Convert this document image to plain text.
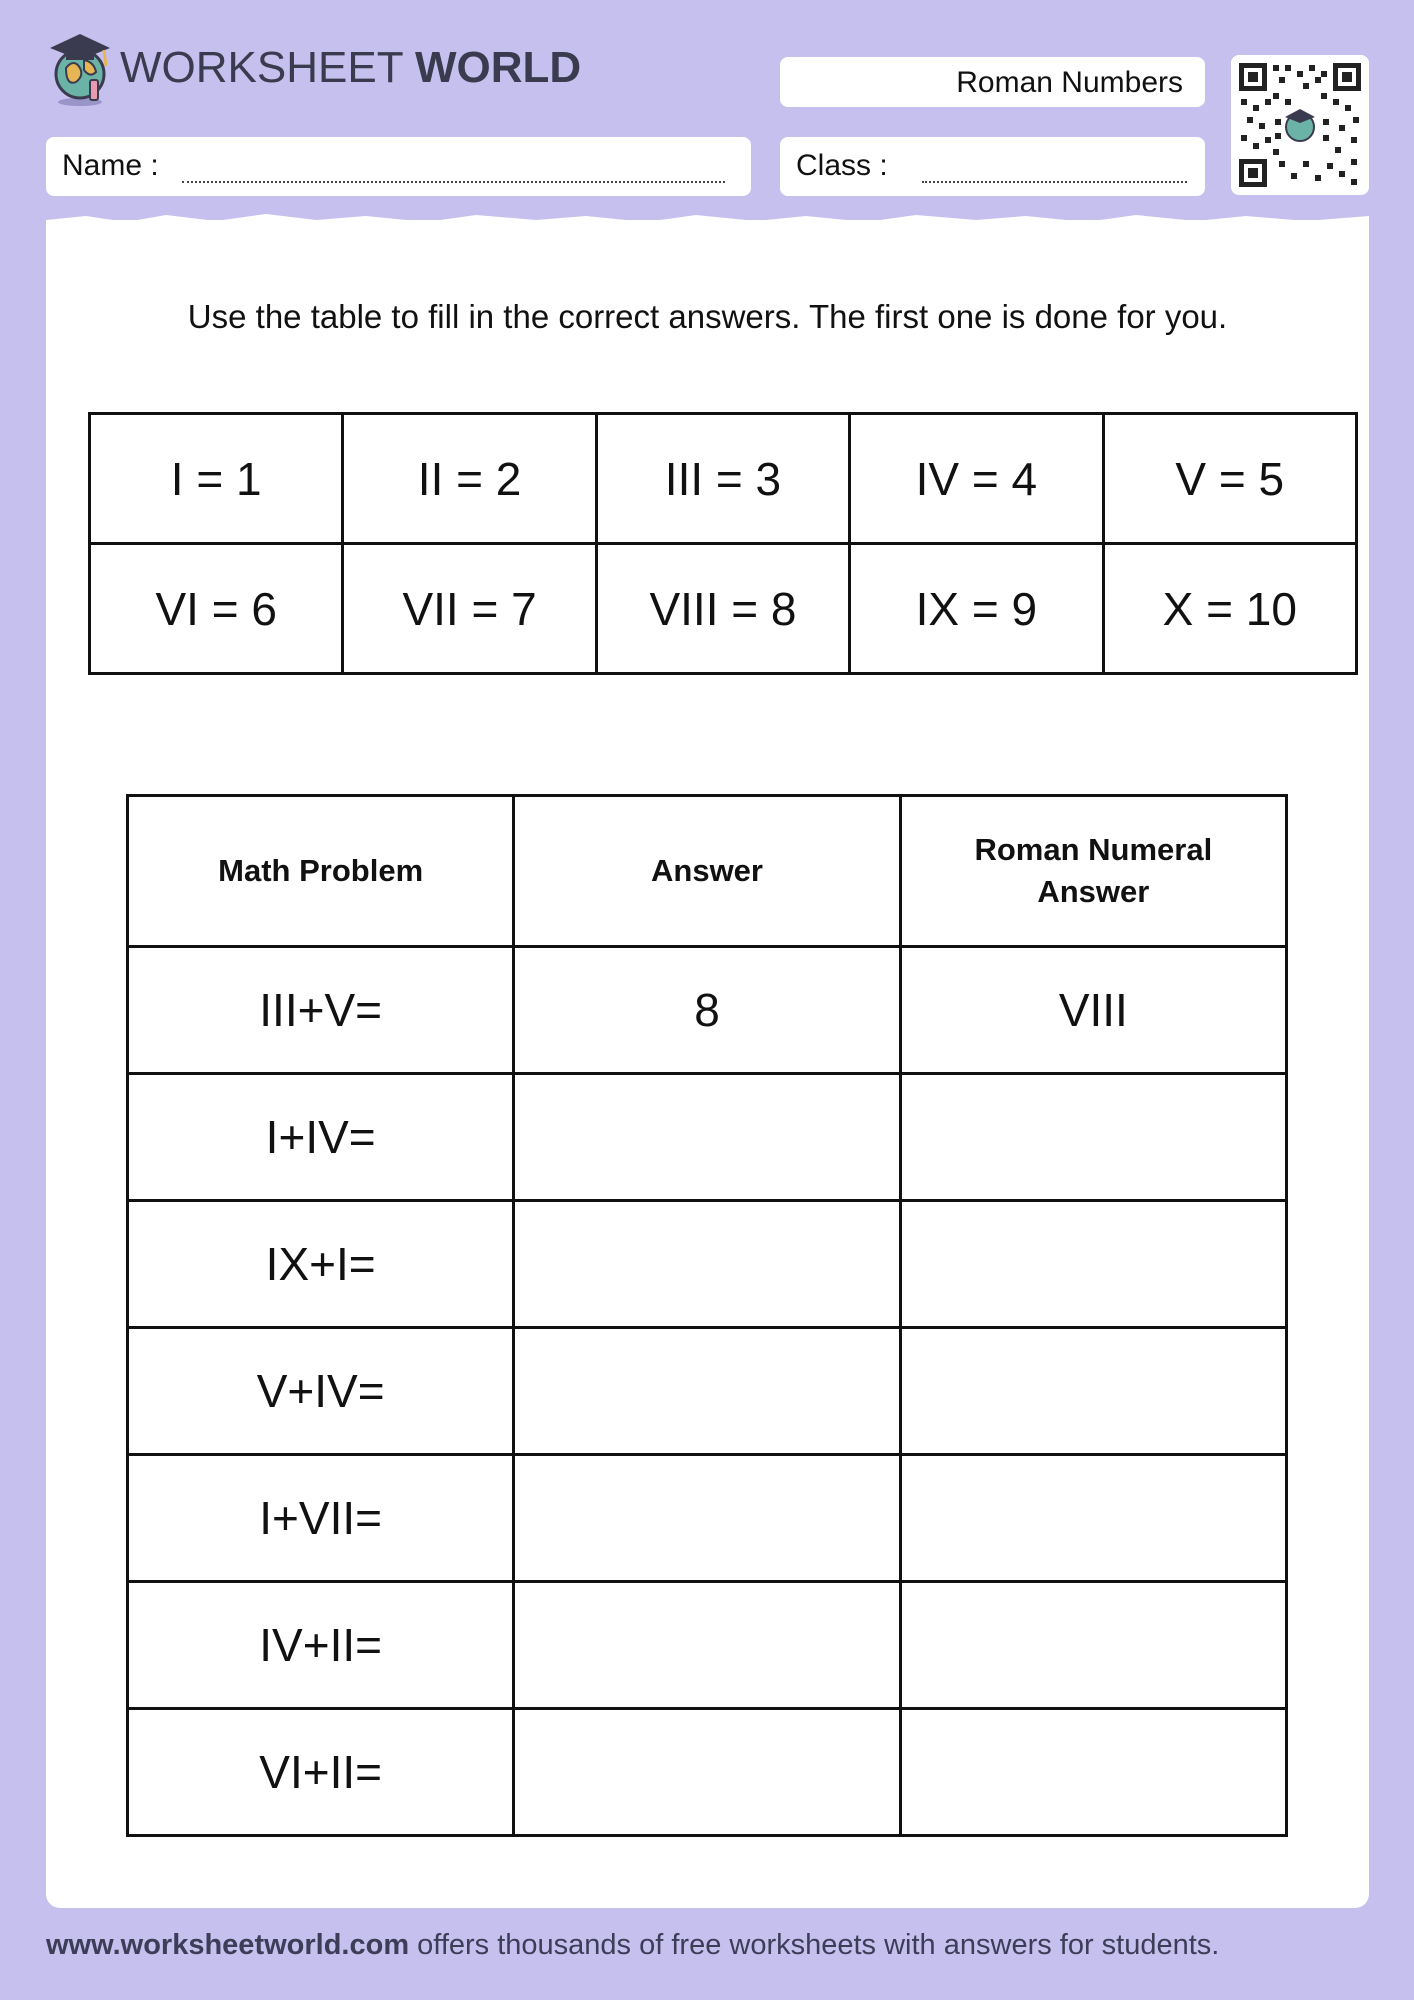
WORKSHEET WORLD	Roman Numbers
Name :	Class :
Use the table to fill in the correct answers. The first one is done for you.
I = 1	II = 2	III = 3	IV = 4	V = 5
VI = 6	VII = 7	VIII = 8	IX = 9	X = 10
Math Problem	Answer	Roman Numeral Answer
III+V=	8	VIII
I+IV=		
IX+I=		
V+IV=		
I+VII=		
IV+II=		
VI+II=		
www.worksheetworld.com offers thousands of free worksheets with answers for students.
